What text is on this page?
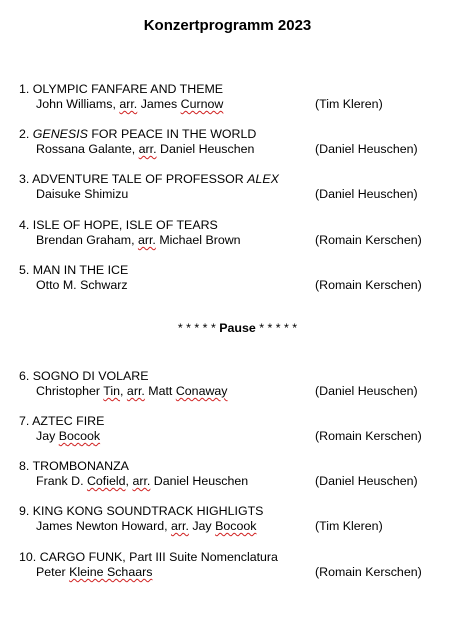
Konzertprogramm 2023
1. OLYMPIC FANFARE AND THEME
John Williams, arr. James Curnow	(Tim Kleren)
2. GENESIS FOR PEACE IN THE WORLD
Rossana Galante, arr. Daniel Heuschen	(Daniel Heuschen)
3. ADVENTURE TALE OF PROFESSOR ALEX
Daisuke Shimizu	(Daniel Heuschen)
4. ISLE OF HOPE, ISLE OF TEARS
Brendan Graham, arr. Michael Brown	(Romain Kerschen)
5. MAN IN THE ICE
Otto M. Schwarz	(Romain Kerschen)
* * * * * Pause * * * * *
6. SOGNO DI VOLARE
Christopher Tin, arr. Matt Conaway	(Daniel Heuschen)
7. AZTEC FIRE
Jay Bocook	(Romain Kerschen)
8. TROMBONANZA
Frank D. Cofield, arr. Daniel Heuschen	(Daniel Heuschen)
9. KING KONG SOUNDTRACK HIGHLIGTS
James Newton Howard, arr. Jay Bocook	(Tim Kleren)
10. CARGO FUNK, Part III Suite Nomenclatura
Peter Kleine Schaars	(Romain Kerschen)
